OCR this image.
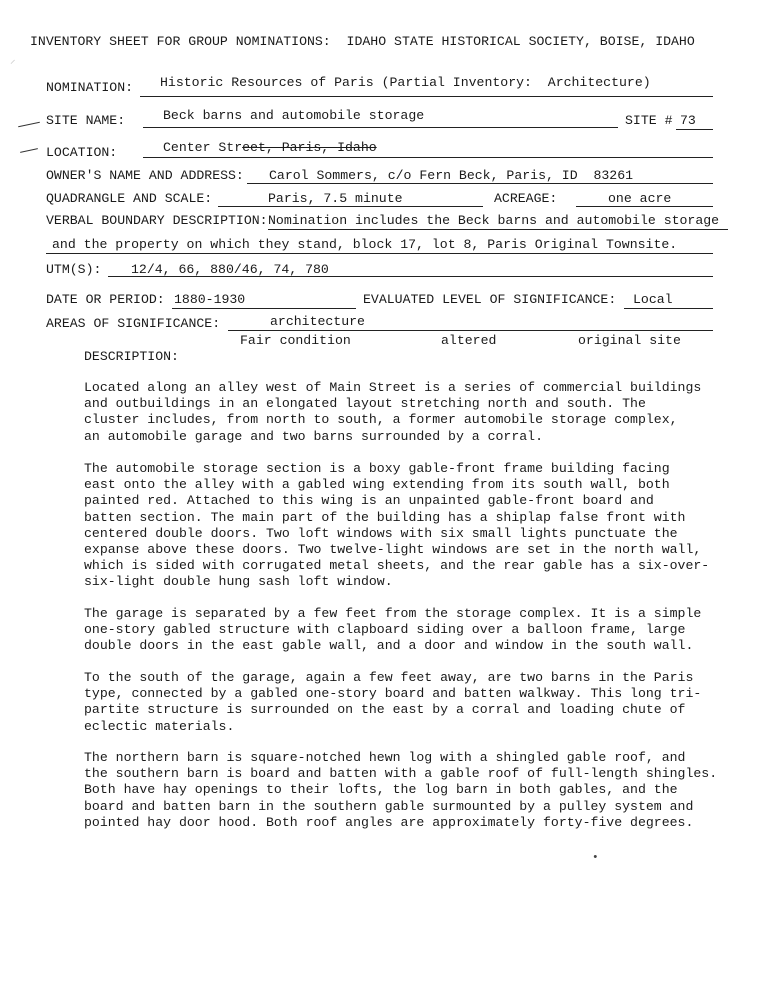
INVENTORY SHEET FOR GROUP NOMINATIONS:  IDAHO STATE HISTORICAL SOCIETY, BOISE, IDAHO
⸝
NOMINATION: Historic Resources of Paris (Partial Inventory:  Architecture)
SITE NAME:	Beck barns and automobile storage	SITE # 73
LOCATION:	Center Street, Paris, Idaho
OWNER'S NAME AND ADDRESS: Carol Sommers, c/o Fern Beck, Paris, ID  83261
QUADRANGLE AND SCALE:	Paris, 7.5 minute	ACREAGE:	one acre
VERBAL BOUNDARY DESCRIPTION: Nomination includes the Beck barns and automobile storage
and the property on which they stand, block 17, lot 8, Paris Original Townsite.
UTM(S): 12/4, 66, 880/46, 74, 780
DATE OR PERIOD: 1880-1930	EVALUATED LEVEL OF SIGNIFICANCE: Local
AREAS OF SIGNIFICANCE:	architecture
Fair condition	altered	original site
DESCRIPTION:
Located along an alley west of Main Street is a series of commercial buildings
and outbuildings in an elongated layout stretching north and south. The
cluster includes, from north to south, a former automobile storage complex,
an automobile garage and two barns surrounded by a corral.
The automobile storage section is a boxy gable-front frame building facing
east onto the alley with a gabled wing extending from its south wall, both
painted red. Attached to this wing is an unpainted gable-front board and
batten section. The main part of the building has a shiplap false front with
centered double doors. Two loft windows with six small lights punctuate the
expanse above these doors. Two twelve-light windows are set in the north wall,
which is sided with corrugated metal sheets, and the rear gable has a six-over-
six-light double hung sash loft window.
The garage is separated by a few feet from the storage complex. It is a simple
one-story gabled structure with clapboard siding over a balloon frame, large
double doors in the east gable wall, and a door and window in the south wall.
To the south of the garage, again a few feet away, are two barns in the Paris
type, connected by a gabled one-story board and batten walkway. This long tri-
partite structure is surrounded on the east by a corral and loading chute of
eclectic materials.
The northern barn is square-notched hewn log with a shingled gable roof, and
the southern barn is board and batten with a gable roof of full-length shingles.
Both have hay openings to their lofts, the log barn in both gables, and the
board and batten barn in the southern gable surmounted by a pulley system and
pointed hay door hood. Both roof angles are approximately forty-five degrees.
•
